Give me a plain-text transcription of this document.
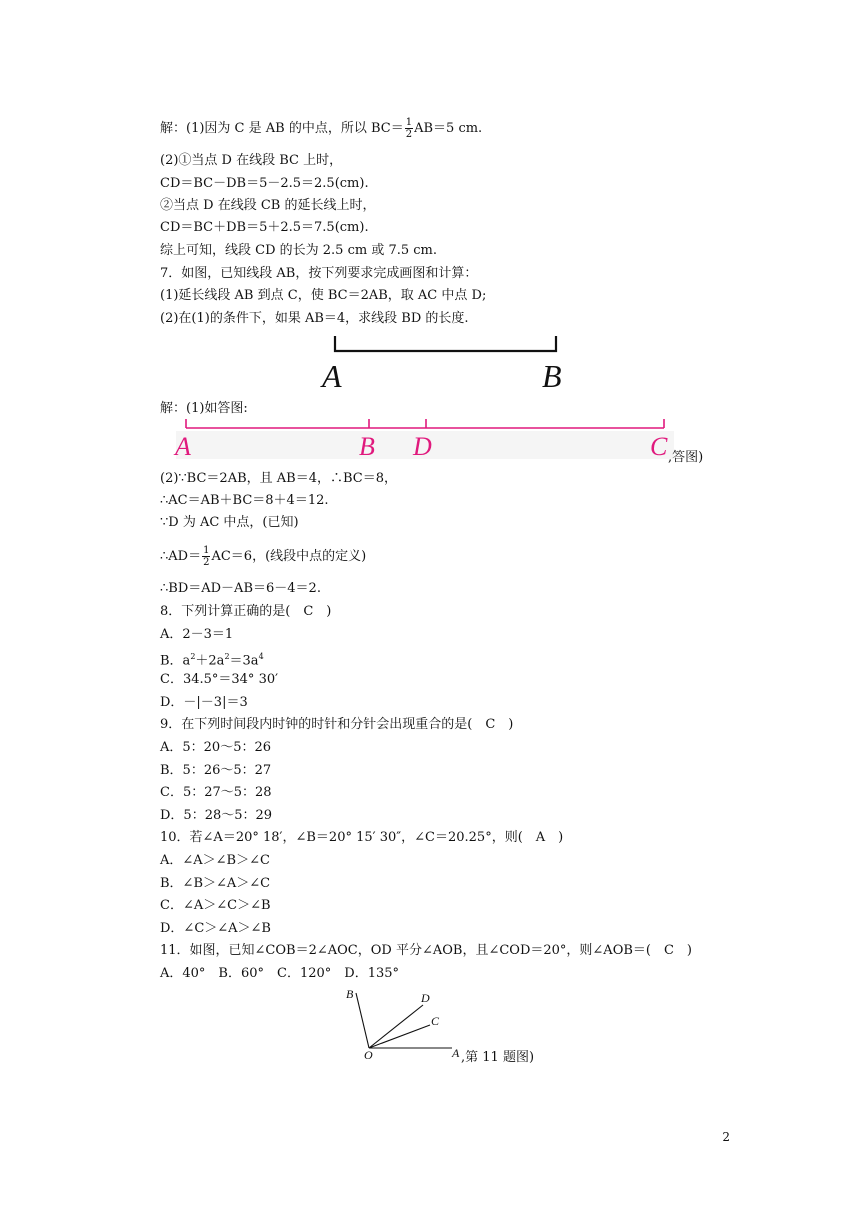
解：(1)因为 C 是 AB 的中点，所以 $BC= \frac{1}{2} AB=5$ cm.
(2)①当点 D 在线段 BC 上时，
CD＝BC－DB＝5－2.5＝2.5(cm).
②当点 D 在线段 CB 的延长线上时，
CD＝BC＋DB＝5＋2.5＝7.5(cm).
综上可知，线段 CD 的长为 2.5 cm 或 7.5 cm.
7．如图，已知线段 AB，按下列要求完成画图和计算：
(1)延长线段 AB 到点 C，使 BC＝2AB，取 AC 中点 D;
(2)在(1)的条件下，如果 AB＝4，求线段 BD 的长度.
A	B
解：(1)如答图:
A	B D	C ,答图)
(2)∵BC＝2AB，且 AB＝4，∴BC＝8，
∴AC＝AB＋BC＝8＋4＝12.
∵D 为 AC 中点，(已知)
∴AD＝ $\frac{1}{2} AC=6$，(线段中点的定义)
∴BD＝AD－AB＝6－4＝2.
8．下列计算正确的是(　C　)
A．2－3＝1
B．$a^2+2a^2=3a^4$
C．34.5°＝34° 30′
D．－|－3|＝3
9．在下列时间段内时钟的时针和分针会出现重合的是(　C　)
A．5：20～5：26
B．5：26～5：27
C．5：27～5：28
D．5：28～5：29
10．若∠A＝20° 18′，∠B＝20° 15′ 30″，∠C＝20.25°，则(　A　)
A．∠A＞∠B＞∠C
B．∠B＞∠A＞∠C
C．∠A＞∠C＞∠B
D．∠C＞∠A＞∠B
11．如图，已知∠COB＝2∠AOC，OD 平分∠AOB，且∠COD＝20°，则∠AOB＝(　C　)
A．40°　B．60°　C．120°　D．135°
B	D
C
O	A ,第 11 题图)
2
